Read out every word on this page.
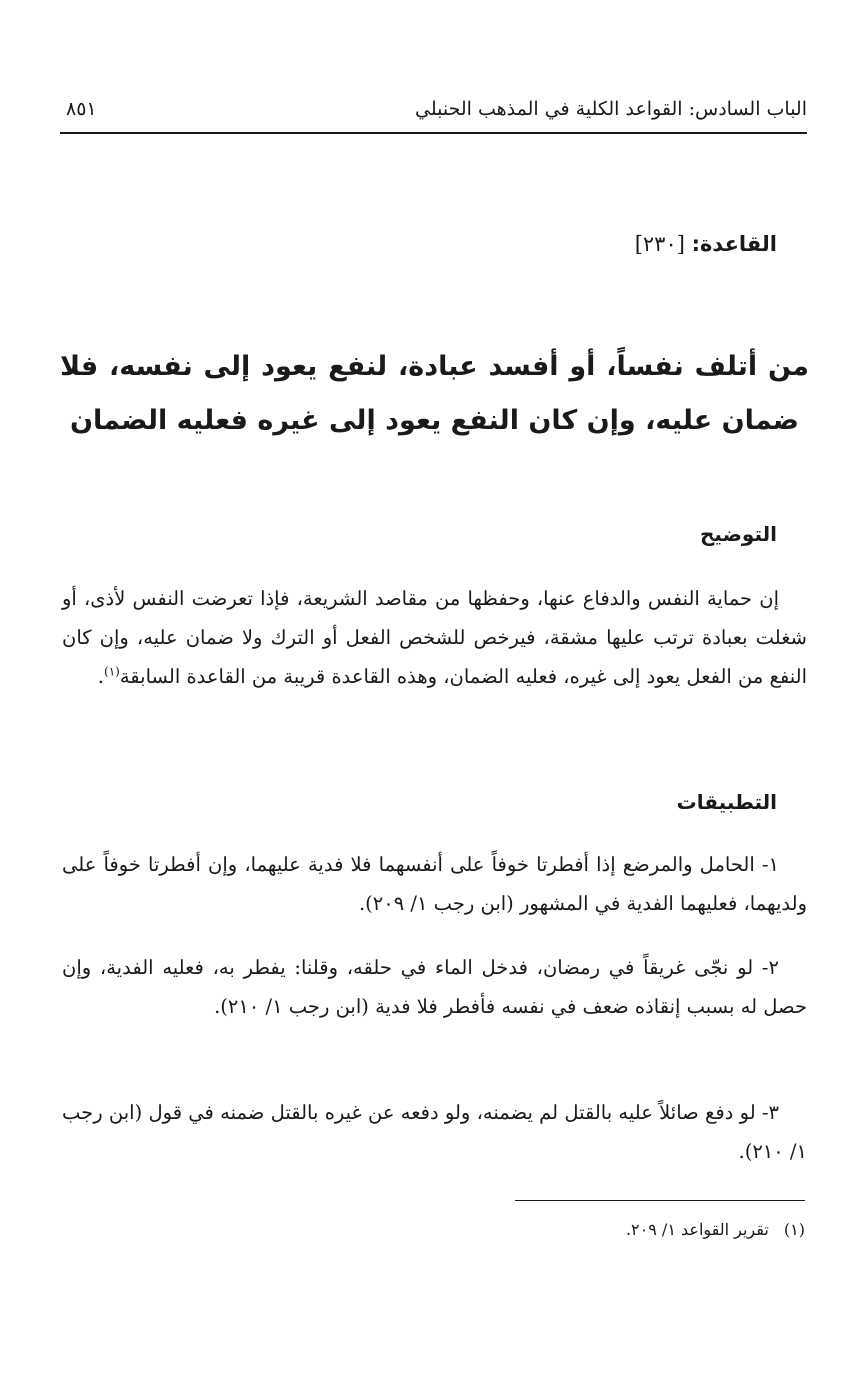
الباب السادس: القواعد الكلية في المذهب الحنبلي
٨٥١
القاعدة: [٢٣٠]
من أتلف نفساً، أو أفسد عبادة، لنفع يعود إلى نفسه، فلا ضمان عليه، وإن كان النفع يعود إلى غيره فعليه الضمان
التوضيح

إن حماية النفس والدفاع عنها، وحفظها من مقاصد الشريعة، فإذا تعرضت النفس لأذى، أو شغلت بعبادة ترتب عليها مشقة، فيرخص للشخص الفعل أو الترك ولا ضمان عليه، وإن كان النفع من الفعل يعود إلى غيره، فعليه الضمان، وهذه القاعدة قريبة من القاعدة السابقة$^{(١)}$.

التطبيقات

١- الحامل والمرضع إذا أفطرتا خوفاً على أنفسهما فلا فدية عليهما، وإن أفطرتا خوفاً على ولديهما، فعليهما الفدية في المشهور (ابن رجب ١/ ٢٠٩).

٢- لو نجّى غريقاً في رمضان، فدخل الماء في حلقه، وقلنا: يفطر به، فعليه الفدية، وإن حصل له بسبب إنقاذه ضعف في نفسه فأفطر فلا فدية (ابن رجب ١/ ٢١٠).

٣- لو دفع صائلاً عليه بالقتل لم يضمنه، ولو دفعه عن غيره بالقتل ضمنه في قول (ابن رجب ١/ ٢١٠).

(١) تقرير القواعد ١/ ٢٠٩.
